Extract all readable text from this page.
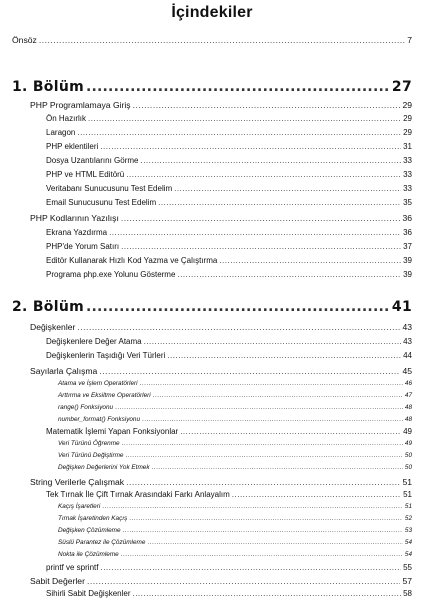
İçindekiler
Önsöz .....	7
1. Bölüm .....	27
PHP Programlamaya Giriş .....	29
Ön Hazırlık .....	29
Laragon .....	29
PHP eklentileri .....	31
Dosya Uzantılarını Görme .....	33
PHP ve HTML Editörü .....	33
Veritabanı Sunucusunu Test Edelim .....	33
Email Sunucusunu Test Edelim .....	35
PHP Kodlarının Yazılışı .....	36
Ekrana Yazdırma .....	36
PHP'de Yorum Satırı .....	37
Editör Kullanarak Hızlı Kod Yazma ve Çalıştırma .....	39
Programa php.exe Yolunu Gösterme .....	39
2. Bölüm .....	41
Değişkenler .....	43
Değişkenlere Değer Atama .....	43
Değişkenlerin Taşıdığı Veri Türleri .....	44
Sayılarla Çalışma .....	45
Atama ve İşlem Operatörleri .....	46
Arttırma ve Eksiltme Operatörleri .....	47
range() Fonksiyonu .....	48
number_format() Fonksiyonu .....	48
Matematik İşlemi Yapan Fonksiyonlar .....	49
Veri Türünü Öğrenme .....	49
Veri Türünü Değiştirme .....	50
Değişken Değerlerini Yok Etmek .....	50
String Verilerle Çalışmak .....	51
Tek Tırnak İle Çift Tırnak Arasındaki Farkı Anlayalım .....	51
Kaçış İşaretleri .....	51
Tırnak İşaretinden Kaçış .....	52
Değişken Çözümleme .....	53
Süslü Parantez ile Çözümleme .....	54
Nokta ile Çözümleme .....	54
printf ve sprintf .....	55
Sabit Değerler .....	57
Sihirli Sabit Değişkenler .....	58
